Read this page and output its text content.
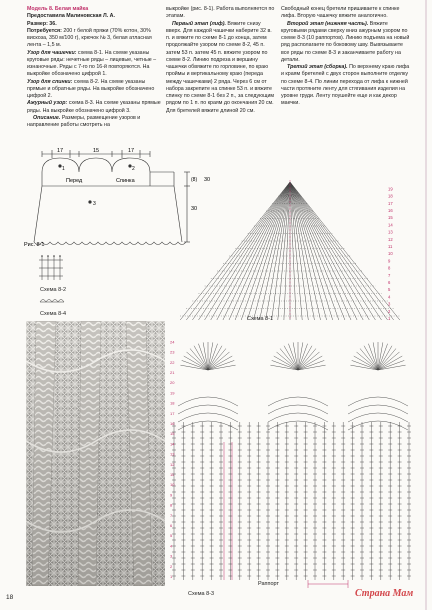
Модель 8. Белая майка

Предоставила Малиновская Л. А.

Размер: 36.

Потребуется: 200 г белой пряжи (70% котон, 30% вискоза, 350 м/100 г), крючок № 3, белая атласная лента – 1,5 м.

Узор для чашечки: схема 8-1. На схеме указаны круговые ряды: нечетные ряды – лицевые, четные – изнаночные. Ряды с 7-го по 16-й повторяются. На выкройке обозначено цифрой 1.

Узор для спинки: схема 8-2. На схеме указаны прямые и обратные ряды. На выкройке обозначено цифрой 2.

Ажурный узор: схема 8-3. На схеме указаны прямые ряды. На выкройке обозначено цифрой 3.

Описание. Размеры, размещение узоров и направление работы смотреть на

выкройке (рис. 8-1). Работа выполняется по этапам.

Первый этап (лиф). Вяжите снизу вверх. Для каждой чашечки наберите 32 в. п. и вяжите по схеме 8-1 до конца, затем продолжайте узором по схеме 8-2, 45 п. затем 53 п. затем 45 п. вяжите узором по схеме 8-2. Линию подреза и вершину чашечки обвяжите по горловине, по краю проймы и вертикальному краю (переда между чашечками) 2 ряда. Через 6 см от набора закрепите на спинке 53 п. и вяжите спинку по схеме 8-1 без 2 п., за следующим рядом по 1 п. по краям до окончания 20 см. Для бретелей вяжите длиной 20 см.

Свободный конец бретели пришиваете к спинке лифа. Вторую чашечку вяжите аналогично.

Второй этап (нижняя часть). Вяжите круговыми рядами сверху вниз ажурным узором по схеме 8-3 (10 раппортов). Линию подъема на новый ряд располагаете по боковому шву. Вывязываете все ряды по схеме 8-3 и заканчиваете работу на детали.

Третий этап (сборка). По верхнему краю лифа и краям бретелей с двух сторон выполните отделку по схеме 8-4. По линии перехода от лифа к нижней части протяните ленту для стягивания изделия на уровне груди. Ленту поушейте еще и как декор маечки.

17	15	17
(8)
30
30
Перед	Спинка
1	2
3
Рис. 8-1
Схема 8-2
Схема 8-4
1
2
3
4
5
6
7
8
9
10
11
12
13
14
15
16
17
18
19
Схема 8-1
1
2
3
4
5
6
7
8
9
10
11
12
13
14
15
16
17
18
19
20
21
22
23
24
Раппорт
Схема 8-3
18	Страна Мам
